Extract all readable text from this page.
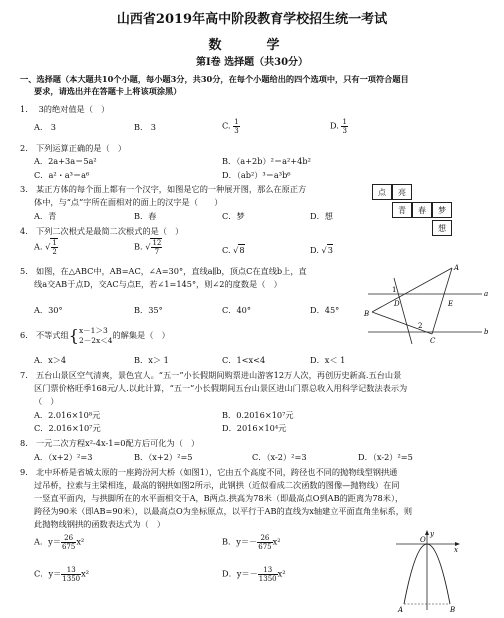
山西省2019年高中阶段教育学校招生统一考试
数　学
第Ⅰ卷 选择题（共30分）
一、选择题（本大题共10个小题，每小题3分，共30分，在每个小题给出的四个选项中，只有一项符合题目
要求，请选出并在答题卡上将该项涂黑）
1.　 3的绝对值是（　）
A.　3	B.　3	C. $\frac{1}{3}$	D. $\frac{1}{3}$
2.　下列运算正确的是（　）
A．2a+3a＝5a²	B．（a+2b）²＝a²+4b²
C．a²・a³＝a⁶	D．（ab²）³＝a³b⁶
3.　某正方体的每个面上都有一个汉字，如图是它的一种展开图，那么在原正方
体中，与“点”字所在面相对的面上的汉字是（　　）
A．青	B．春	C．梦	D．想
点	亮
青	春	梦
想
4.　下列二次根式是最简二次根式的是（　）
A. √ $\frac{1}{2}$	B. √ $\frac{12}{7}$	C. √8	D. √3
5.　如图，在△ABC中，AB=AC，∠A=30°，直线a∥b，顶点C在直线b上，直
线a交AB于点D，交AC与点E，若∠1=145°，则∠2的度数是（　）
A．30°	B．35°	C．40°	D．45°
A
D	E
1	a
B
2
C
b
6.　不等式组{ x－1＞3
2－2x＜4
的解集是（　）
A．x＞4	B．x＞ 1	C．1<x<4	D．x＜ 1
7.　五台山景区空气清爽，景色宜人。“五一”小长假期间购票进山游客12万人次，再创历史新高.五台山景
区门票价格旺季168元/人.以此计算，“五一”小长假期间五台山景区进山门票总收入用科学记数法表示为
（　）
A．2.016×10⁸元	B．0.2016×10⁷元
C．2.016×10⁷元	D．2016×10⁴元
8.　一元二次方程x²-4x-1=0配方后可化为（　）
A．（x+2）²=3	B．（x+2）²=5	C．（x-2）²=3	D．（x-2）²=5
9.　北中环桥是省城太原的一座跨汾河大桥（如图1），它由五个高度不同，跨径也不同的抛物线型钢拱通
过吊桥，拉索与主梁相连，最高的钢拱如图2所示，此钢拱（近似看成二次函数的图像—抛物线）在同
一竖直平面内，与拱脚所在的水平面相交于A，B两点.拱高为78米（即最高点O到AB的距离为78米），
跨径为90米（即AB=90米），以最高点O为坐标原点，以平行于AB的直线为x轴建立平面直角坐标系，则
此抛物线钢拱的函数表达式为（　）
A．$y= \frac{26}{675} x^2$	B．$y=- \frac{26}{675} x^2$
C．$y= \frac{13}{1350} x^2$	D．$y=- \frac{13}{1350} x^2$
y
O
x
A	B
